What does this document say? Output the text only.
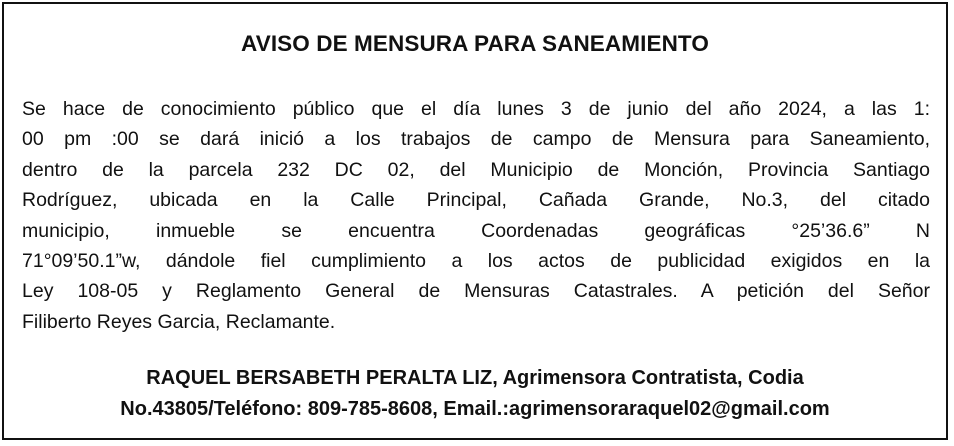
AVISO DE MENSURA PARA SANEAMIENTO
Se hace de conocimiento público que el día lunes 3 de junio del año 2024, a las 1:
00 pm :00 se dará inició a los trabajos de campo de Mensura para Saneamiento,
dentro de la parcela 232 DC 02, del Municipio de Monción, Provincia Santiago
Rodríguez, ubicada en la Calle Principal, Cañada Grande, No.3, del citado
municipio, inmueble se encuentra Coordenadas geográficas °25’36.6” N
71°09’50.1”w, dándole fiel cumplimiento a los actos de publicidad exigidos en la
Ley 108-05 y Reglamento General de Mensuras Catastrales. A petición del Señor
Filiberto Reyes Garcia, Reclamante.
RAQUEL BERSABETH PERALTA LIZ, Agrimensora Contratista, Codia
No.43805/Teléfono: 809-785-8608, Email.:agrimensoraraquel02@gmail.com
